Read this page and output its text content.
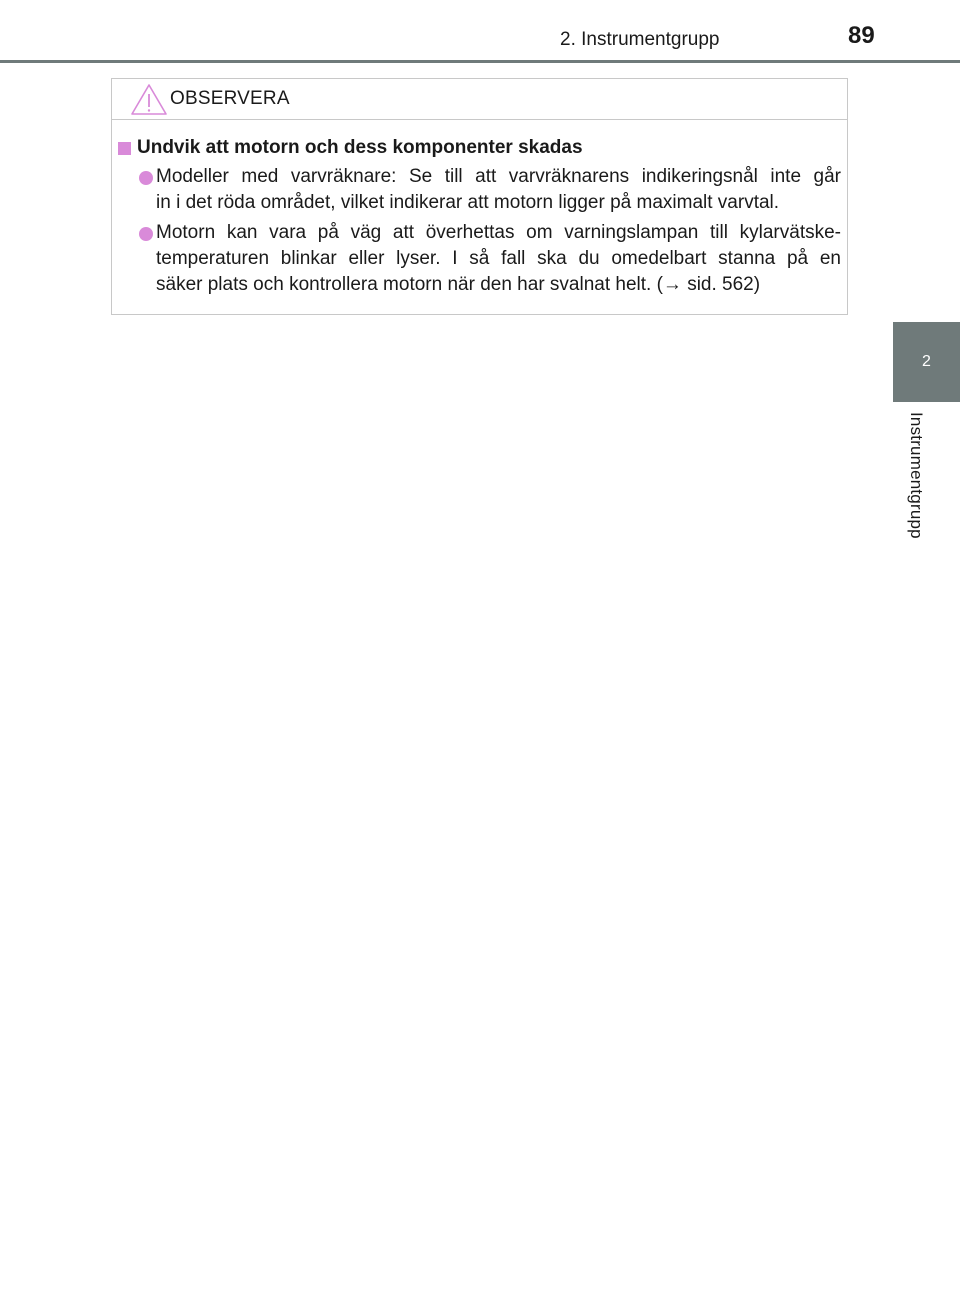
2. Instrumentgrupp	89
2
Instrumentgrupp
OBSERVERA
Undvik att motorn och dess komponenter skadas
Modeller med varvräknare: Se till att varvräknarens indikeringsnål inte går
in i det röda området, vilket indikerar att motorn ligger på maximalt varvtal.
Motorn kan vara på väg att överhettas om varningslampan till kylarvätske-
temperaturen blinkar eller lyser. I så fall ska du omedelbart stanna på en
säker plats och kontrollera motorn när den har svalnat helt. (→ sid. 562)
